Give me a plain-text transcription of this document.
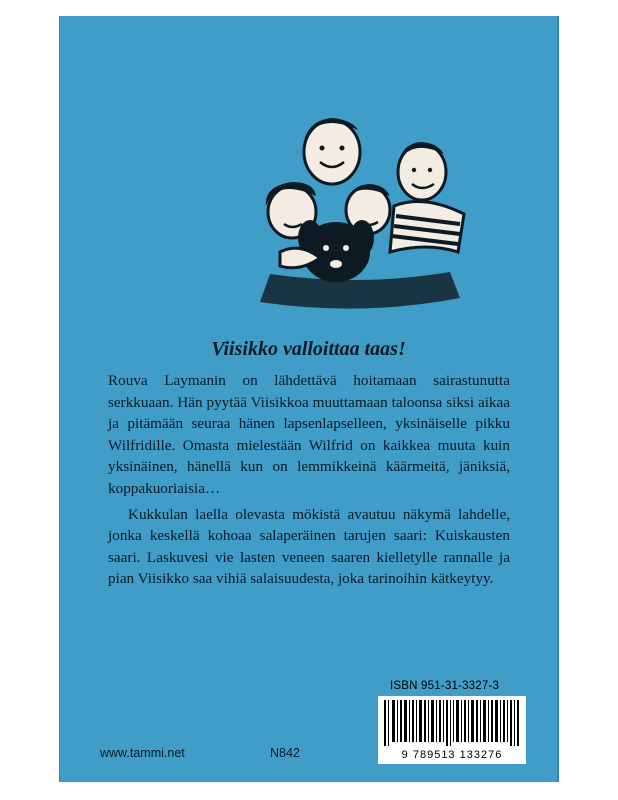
Viisikko valloittaa taas!

Rouva Laymanin on lähdettävä hoitamaan sairastunutta serkkuaan. Hän pyytää Viisikkoa muuttamaan taloonsa siksi aikaa ja pitämään seuraa hänen lapsenlapselleen, yksinäiselle pikku Wilfridille. Omasta mielestään Wilfrid on kaikkea muuta kuin yksinäinen, hänellä kun on lemmikkeinä käärmeitä, jäniksiä, koppakuoriaisia…

Kukkulan laella olevasta mökistä avautuu näkymä lahdelle, jonka keskellä kohoaa salaperäinen tarujen saari: Kuiskausten saari. Laskuvesi vie lasten veneen saaren kielletylle rannalle ja pian Viisikko saa vihiä salaisuudesta, joka tarinoihin kätkeytyy.

ISBN 951-31-3327-3
9 789513 133276
www.tammi.net	N842
